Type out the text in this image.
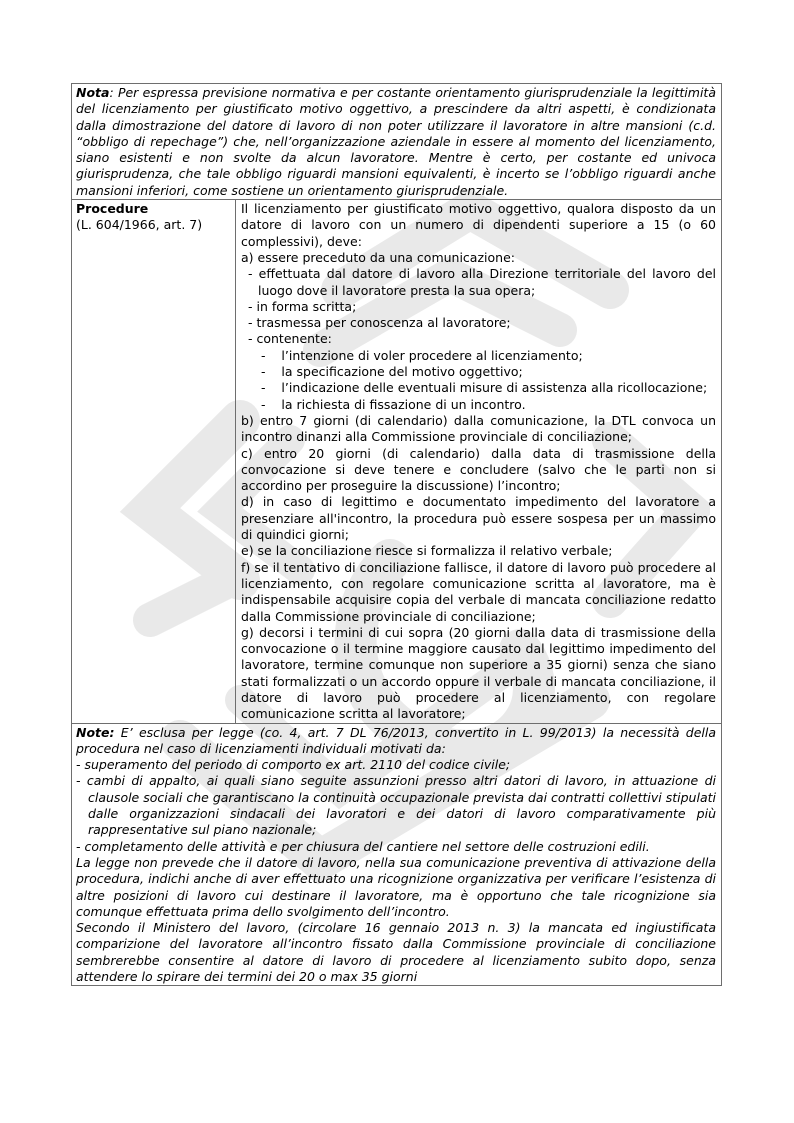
Nota: Per espressa previsione normativa e per costante orientamento giurisprudenziale la legittimità del licenziamento per giustificato motivo oggettivo, a prescindere da altri aspetti, è condizionata dalla dimostrazione del datore di lavoro di non poter utilizzare il lavoratore in altre mansioni (c.d. “obbligo di repechage”) che, nell’organizzazione aziendale in essere al momento del licenziamento, siano esistenti e non svolte da alcun lavoratore. Mentre è certo, per costante ed univoca giurisprudenza, che tale obbligo riguardi mansioni equivalenti, è incerto se l’obbligo riguardi anche mansioni inferiori, come sostiene un orientamento giurisprudenziale.
Procedure
(L. 604/1966, art. 7)

Il licenziamento per giustificato motivo oggettivo, qualora disposto da un datore di lavoro con un numero di dipendenti superiore a 15 (o 60 complessivi), deve:

a) essere preceduto da una comunicazione:

- effettuata dal datore di lavoro alla Direzione territoriale del lavoro del luogo dove il lavoratore presta la sua opera;

- in forma scritta;

- trasmessa per conoscenza al lavoratore;

- contenente:

-    l’intenzione di voler procedere al licenziamento;

-    la specificazione del motivo oggettivo;

-    l’indicazione delle eventuali misure di assistenza alla ricollocazione;

-    la richiesta di fissazione di un incontro.

b) entro 7 giorni (di calendario) dalla comunicazione, la DTL convoca un incontro dinanzi alla Commissione provinciale di conciliazione;

c) entro 20 giorni (di calendario) dalla data di trasmissione della convocazione si deve tenere e concludere (salvo che le parti non si accordino per proseguire la discussione) l’incontro;

d) in caso di legittimo e documentato impedimento del lavoratore a presenziare all'incontro, la procedura può essere sospesa per un massimo di quindici giorni;

e) se la conciliazione riesce si formalizza il relativo verbale;

f) se il tentativo di conciliazione fallisce, il datore di lavoro può procedere al licenziamento, con regolare comunicazione scritta al lavoratore, ma è indispensabile acquisire copia del verbale di mancata conciliazione redatto dalla Commissione provinciale di conciliazione;

g) decorsi i termini di cui sopra (20 giorni dalla data di trasmissione della convocazione o il termine maggiore causato dal legittimo impedimento del lavoratore, termine comunque non superiore a 35 giorni) senza che siano stati formalizzati o un accordo oppure il verbale di mancata conciliazione, il datore di lavoro può procedere al licenziamento, con regolare comunicazione scritta al lavoratore;

Note: E’ esclusa per legge (co. 4, art. 7 DL 76/2013, convertito in L. 99/2013) la necessità della procedura nel caso di licenziamenti individuali motivati da:

- superamento del periodo di comporto ex art. 2110 del codice civile;

- cambi di appalto, ai quali siano seguite assunzioni presso altri datori di lavoro, in attuazione di clausole sociali che garantiscano la continuità occupazionale prevista dai contratti collettivi stipulati dalle organizzazioni sindacali dei lavoratori e dei datori di lavoro comparativamente più rappresentative sul piano nazionale;

- completamento delle attività e per chiusura del cantiere nel settore delle costruzioni edili.

La legge non prevede che il datore di lavoro, nella sua comunicazione preventiva di attivazione della procedura, indichi anche di aver effettuato una ricognizione organizzativa per verificare l’esistenza di altre posizioni di lavoro cui destinare il lavoratore, ma è opportuno che tale ricognizione sia comunque effettuata prima dello svolgimento dell’incontro.

Secondo il Ministero del lavoro, (circolare 16 gennaio 2013 n. 3) la mancata ed ingiustificata comparizione del lavoratore all’incontro fissato dalla Commissione provinciale di conciliazione sembrerebbe consentire al datore di lavoro di procedere al licenziamento subito dopo, senza attendere lo spirare dei termini dei 20 o max 35 giorni
